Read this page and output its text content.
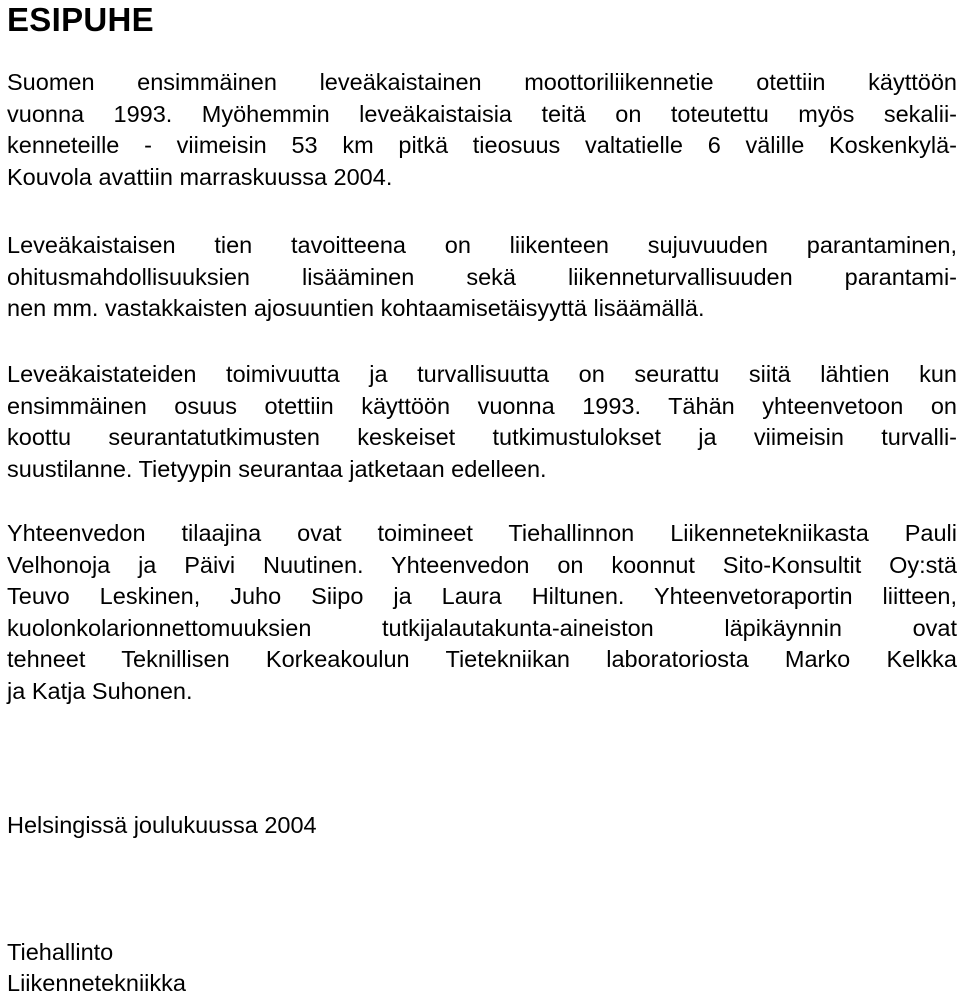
ESIPUHE

Suomen ensimmäinen leveäkaistainen moottoriliikennetie otettiin käyttöön
vuonna 1993. Myöhemmin leveäkaistaisia teitä on toteutettu myös sekalii-
kenneteille - viimeisin 53 km pitkä tieosuus valtatielle 6 välille Koskenkylä-
Kouvola avattiin marraskuussa 2004.

Leveäkaistaisen tien tavoitteena on liikenteen sujuvuuden parantaminen,
ohitusmahdollisuuksien lisääminen sekä liikenneturvallisuuden parantami-
nen mm. vastakkaisten ajosuuntien kohtaamisetäisyyttä lisäämällä.

Leveäkaistateiden toimivuutta ja turvallisuutta on seurattu siitä lähtien kun
ensimmäinen osuus otettiin käyttöön vuonna 1993. Tähän yhteenvetoon on
koottu seurantatutkimusten keskeiset tutkimustulokset ja viimeisin turvalli-
suustilanne. Tietyypin seurantaa jatketaan edelleen.

Yhteenvedon tilaajina ovat toimineet Tiehallinnon Liikennetekniikasta Pauli
Velhonoja ja Päivi Nuutinen. Yhteenvedon on koonnut Sito-Konsultit Oy:stä
Teuvo Leskinen, Juho Siipo ja Laura Hiltunen. Yhteenvetoraportin liitteen,
kuolonkolarionnettomuuksien tutkijalautakunta-aineiston läpikäynnin ovat
tehneet Teknillisen Korkeakoulun Tietekniikan laboratoriosta Marko Kelkka
ja Katja Suhonen.

Helsingissä joulukuussa 2004

Tiehallinto

Liikennetekniikka
